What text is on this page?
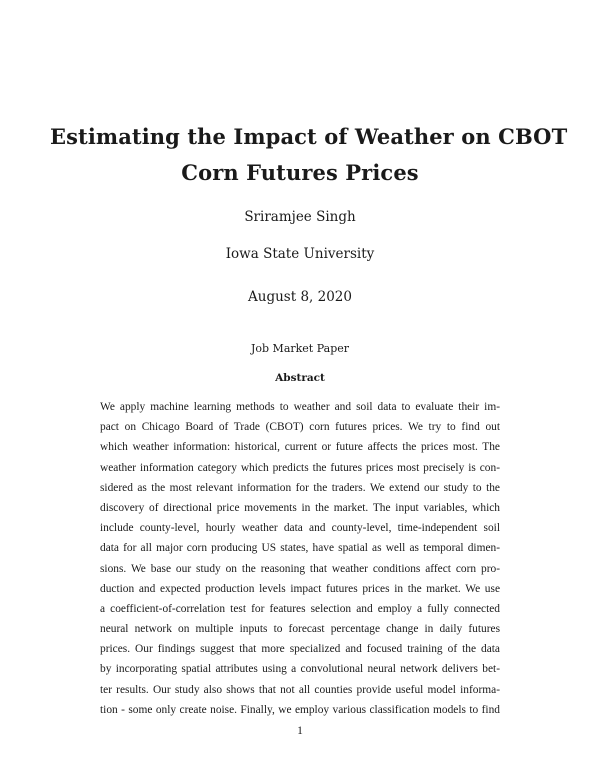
Estimating the Impact of Weather on CBOT
Corn Futures Prices
Sriramjee Singh
Iowa State University
August 8, 2020
Job Market Paper
Abstract
We apply machine learning methods to weather and soil data to evaluate their im-
pact on Chicago Board of Trade (CBOT) corn futures prices. We try to find out
which weather information: historical, current or future affects the prices most. The
weather information category which predicts the futures prices most precisely is con-
sidered as the most relevant information for the traders. We extend our study to the
discovery of directional price movements in the market. The input variables, which
include county-level, hourly weather data and county-level, time-independent soil
data for all major corn producing US states, have spatial as well as temporal dimen-
sions. We base our study on the reasoning that weather conditions affect corn pro-
duction and expected production levels impact futures prices in the market. We use
a coefficient-of-correlation test for features selection and employ a fully connected
neural network on multiple inputs to forecast percentage change in daily futures
prices. Our findings suggest that more specialized and focused training of the data
by incorporating spatial attributes using a convolutional neural network delivers bet-
ter results. Our study also shows that not all counties provide useful model informa-
tion - some only create noise. Finally, we employ various classification models to find
1
